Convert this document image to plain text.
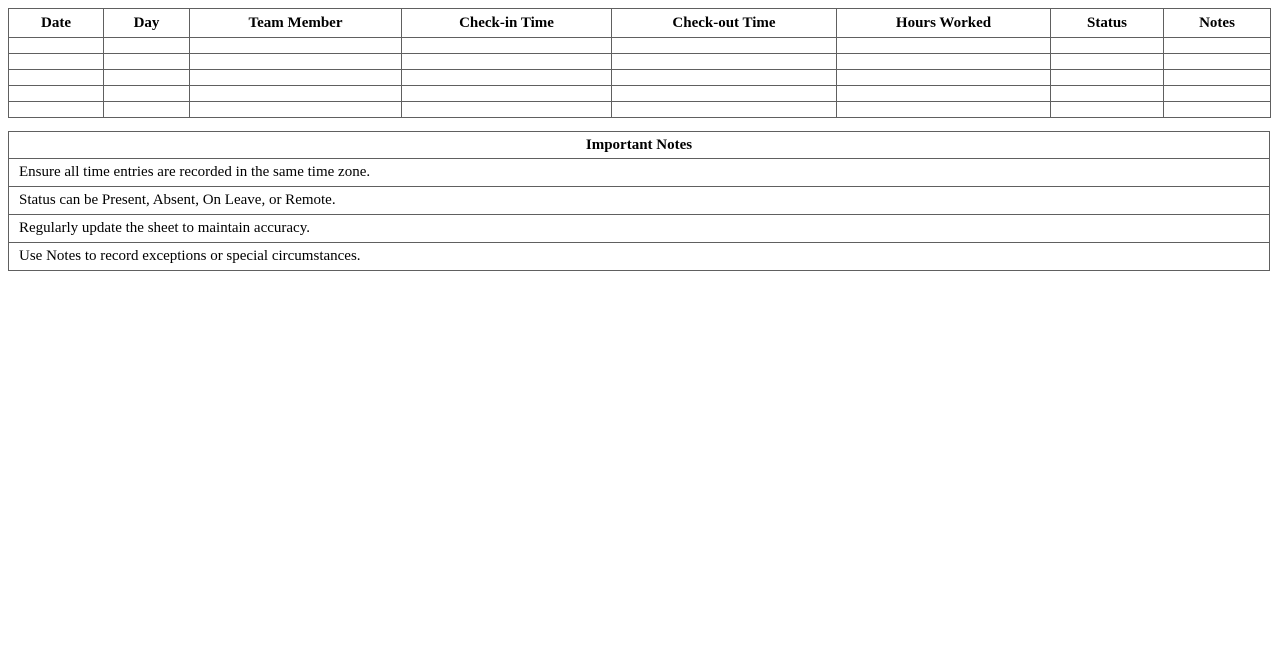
Date	Day	Team Member	Check-in Time	Check-out Time	Hours Worked	Status	Notes

Important Notes
Ensure all time entries are recorded in the same time zone.
Status can be Present, Absent, On Leave, or Remote.
Regularly update the sheet to maintain accuracy.
Use Notes to record exceptions or special circumstances.
